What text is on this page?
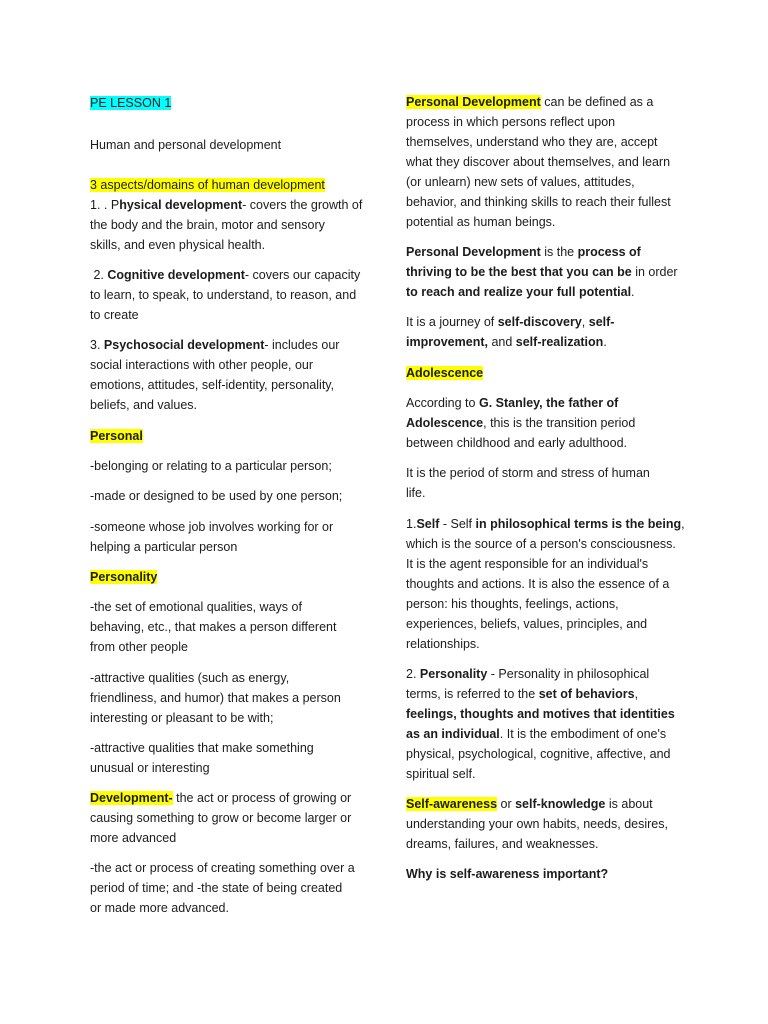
PE LESSON 1

Human and personal development

3 aspects/domains of human development

1. . Physical development- covers the growth of
the body and the brain, motor and sensory
skills, and even physical health.

2. Cognitive development- covers our capacity
to learn, to speak, to understand, to reason, and
to create

3. Psychosocial development- includes our
social interactions with other people, our
emotions, attitudes, self-identity, personality,
beliefs, and values.

Personal

-belonging or relating to a particular person;

-made or designed to be used by one person;

-someone whose job involves working for or
helping a particular person

Personality

-the set of emotional qualities, ways of
behaving, etc., that makes a person different
from other people

-attractive qualities (such as energy,
friendliness, and humor) that makes a person
interesting or pleasant to be with;

-attractive qualities that make something
unusual or interesting

Development- the act or process of growing or
causing something to grow or become larger or
more advanced

-the act or process of creating something over a
period of time; and -the state of being created
or made more advanced.

Personal Development can be defined as a
process in which persons reflect upon
themselves, understand who they are, accept
what they discover about themselves, and learn
(or unlearn) new sets of values, attitudes,
behavior, and thinking skills to reach their fullest
potential as human beings.

Personal Development is the process of
thriving to be the best that you can be in order
to reach and realize your full potential.

It is a journey of self-discovery, self-
improvement, and self-realization.

Adolescence

According to G. Stanley, the father of
Adolescence, this is the transition period
between childhood and early adulthood.

It is the period of storm and stress of human
life.

1.Self - Self in philosophical terms is the being,
which is the source of a person's consciousness.
It is the agent responsible for an individual's
thoughts and actions. It is also the essence of a
person: his thoughts, feelings, actions,
experiences, beliefs, values, principles, and
relationships.

2. Personality - Personality in philosophical
terms, is referred to the set of behaviors,
feelings, thoughts and motives that identities
as an individual. It is the embodiment of one's
physical, psychological, cognitive, affective, and
spiritual self.

Self-awareness or self-knowledge is about
understanding your own habits, needs, desires,
dreams, failures, and weaknesses.

Why is self-awareness important?
